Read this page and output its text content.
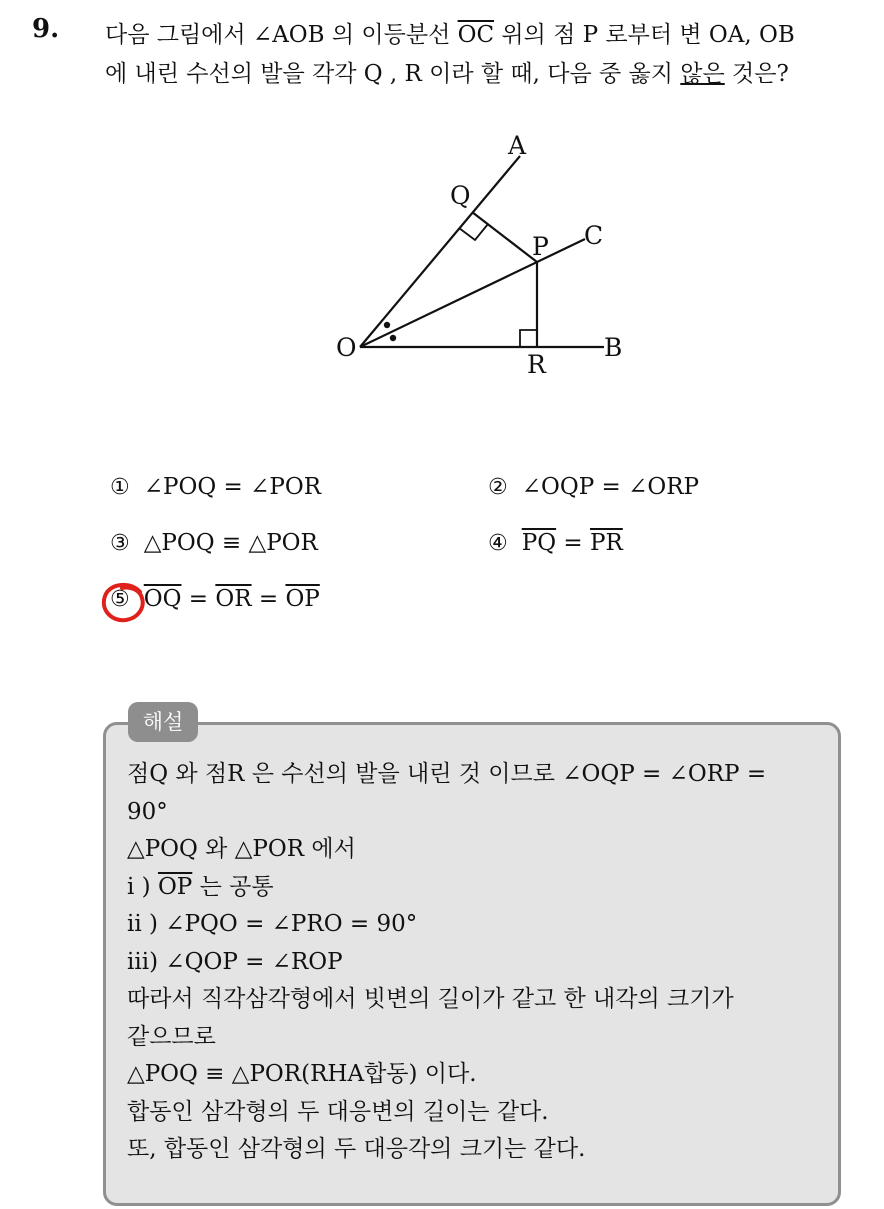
9. 다음 그림에서 ∠AOB 의 이등분선 $\overline{OC}$ 위의 점 P 로부터 변 OA, OB
에 내린 수선의 발을 각각 Q , R 이라 할 때, 다음 중 옳지 않은 것은?
A
C
Q
P
O
R
B
① ∠POQ = ∠POR	② ∠OQP = ∠ORP
③ △POQ ≡ △POR	④ $\overline{PQ} = \overline{PR}$
⑤ $\overline{OQ} = \overline{OR} = \overline{OP}$
해설
점Q 와 점R 은 수선의 발을 내린 것 이므로 ∠OQP = ∠ORP =
90°
△POQ 와 △POR 에서
i ) $\overline{OP}$ 는 공통
ii ) ∠PQO = ∠PRO = 90°
iii) ∠QOP = ∠ROP
따라서 직각삼각형에서 빗변의 길이가 같고 한 내각의 크기가
같으므로
△POQ ≡ △POR(RHA합동) 이다.
합동인 삼각형의 두 대응변의 길이는 같다.
또, 합동인 삼각형의 두 대응각의 크기는 같다.
